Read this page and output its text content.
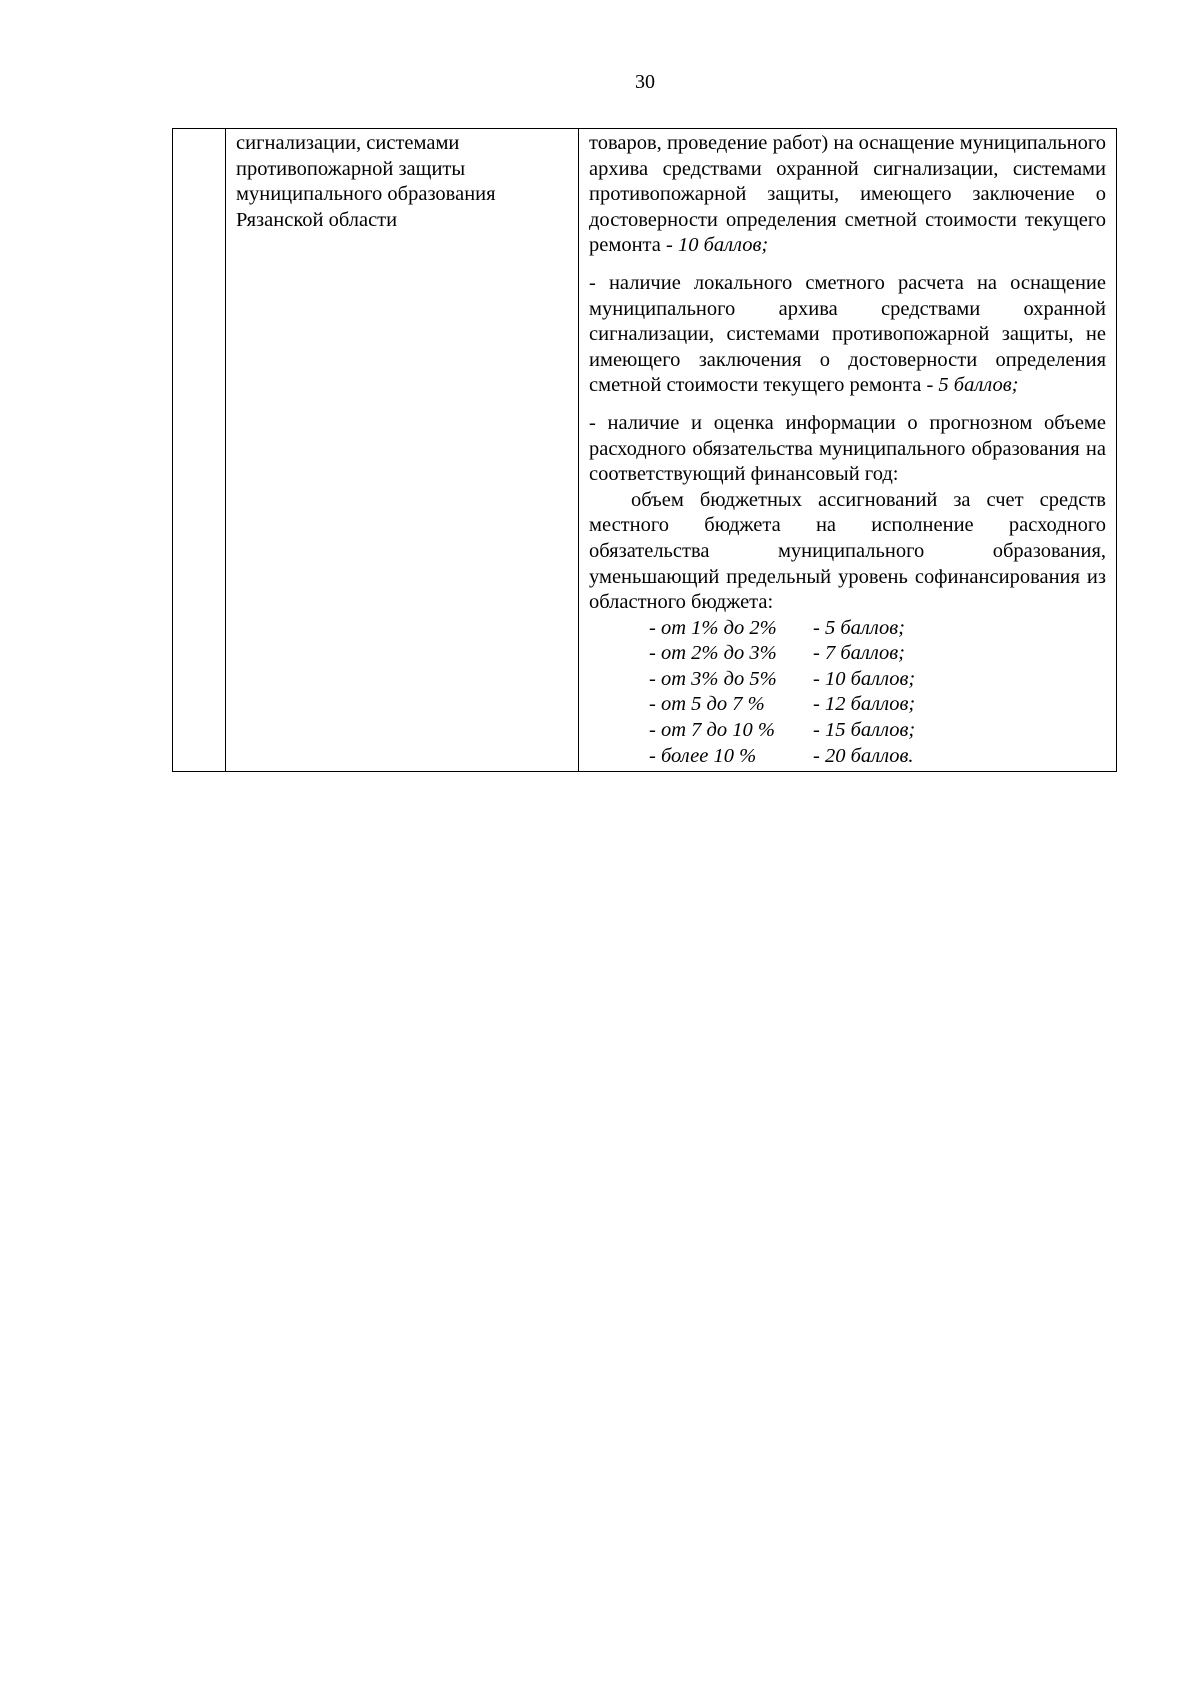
30

сигнализации, системами
противопожарной защиты
муниципального образования
Рязанской области

товаров, проведение работ) на оснащение муниципального архива средствами охранной сигнализации, системами противопожарной защиты, имеющего заключение о достоверности определения сметной стоимости текущего ремонта - 10 баллов;

- наличие локального сметного расчета на оснащение муниципального архива средствами охранной сигнализации, системами противопожарной защиты, не имеющего заключения о достоверности определения сметной стоимости текущего ремонта - 5 баллов;

- наличие и оценка информации о прогнозном объеме расходного обязательства муниципального образования на соответствующий финансовый год:

объем бюджетных ассигнований за счет средств местного бюджета на исполнение расходного обязательства муниципального образования, уменьшающий предельный уровень софинансирования из областного бюджета:

- от 1% до 2%	- 5 баллов;
- от 2% до 3%	- 7 баллов;
- от 3% до 5%	- 10 баллов;
- от 5 до 7 %	- 12 баллов;
- от 7 до 10 %	- 15 баллов;
- более 10 %	- 20 баллов.
